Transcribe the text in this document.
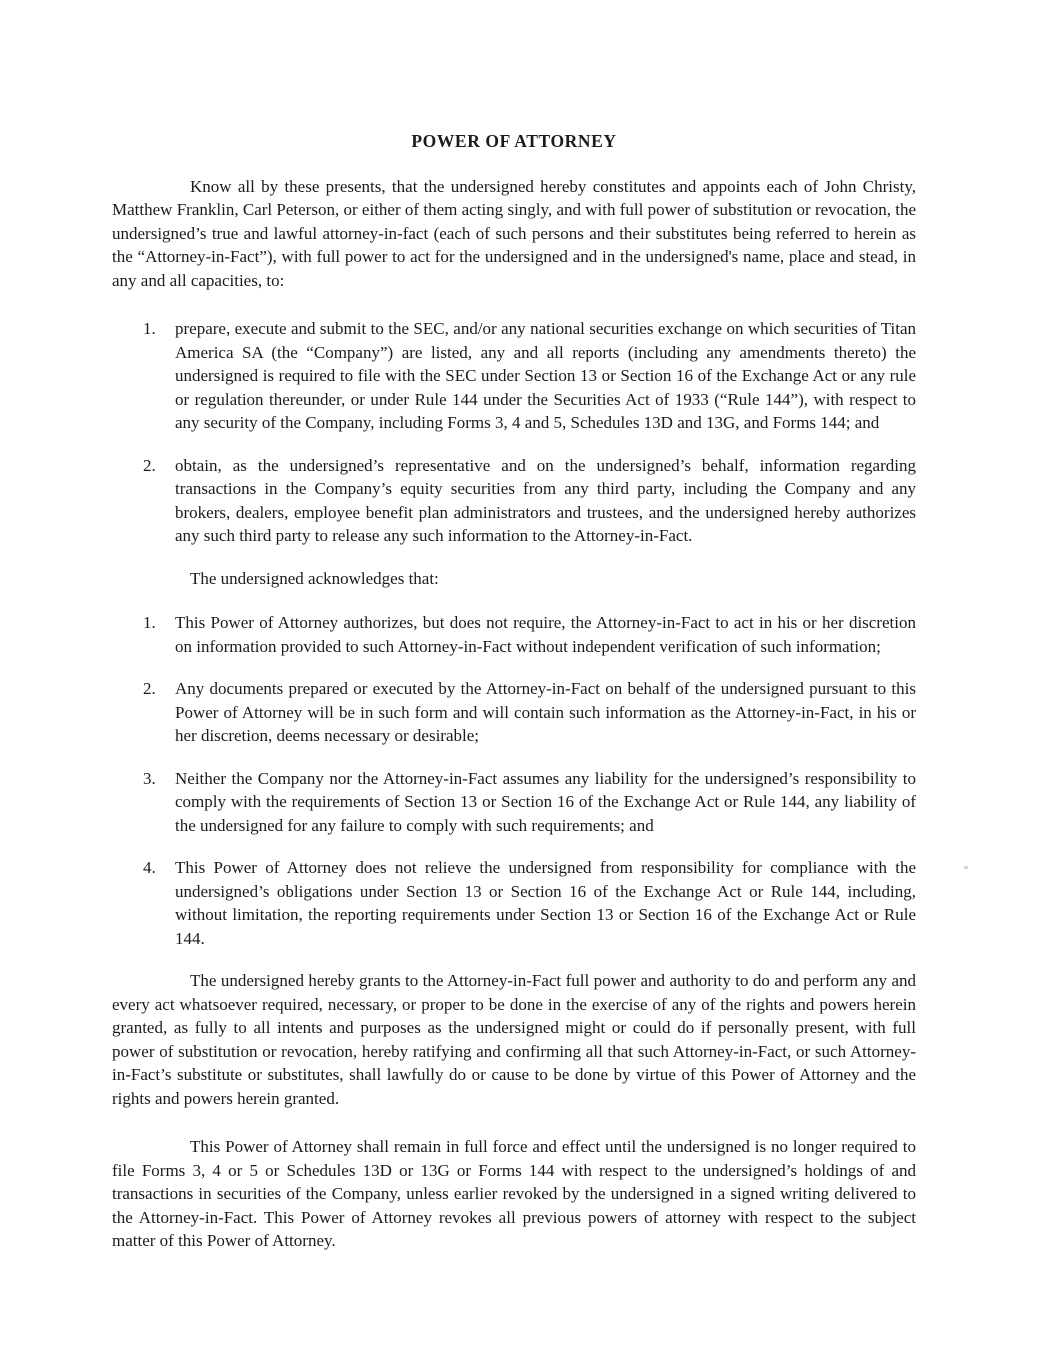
POWER OF ATTORNEY

Know all by these presents, that the undersigned hereby constitutes and appoints each of John Christy, Matthew Franklin, Carl Peterson, or either of them acting singly, and with full power of substitution or revocation, the undersigned’s true and lawful attorney-in-fact (each of such persons and their substitutes being referred to herein as the “Attorney-in-Fact”), with full power to act for the undersigned and in the undersigned's name, place and stead, in any and all capacities, to:

1.	prepare, execute and submit to the SEC, and/or any national securities exchange on which securities of Titan America SA (the “Company”) are listed, any and all reports (including any amendments thereto) the undersigned is required to file with the SEC under Section 13 or Section 16 of the Exchange Act or any rule or regulation thereunder, or under Rule 144 under the Securities Act of 1933 (“Rule 144”), with respect to any security of the Company, including Forms 3, 4 and 5, Schedules 13D and 13G, and Forms 144; and
2.	obtain, as the undersigned’s representative and on the undersigned’s behalf, information regarding transactions in the Company’s equity securities from any third party, including the Company and any brokers, dealers, employee benefit plan administrators and trustees, and the undersigned hereby authorizes any such third party to release any such information to the Attorney-in-Fact.

The undersigned acknowledges that:

1.	This Power of Attorney authorizes, but does not require, the Attorney-in-Fact to act in his or her discretion on information provided to such Attorney-in-Fact without independent verification of such information;
2.	Any documents prepared or executed by the Attorney-in-Fact on behalf of the undersigned pursuant to this Power of Attorney will be in such form and will contain such information as the Attorney-in-Fact, in his or her discretion, deems necessary or desirable;
3.	Neither the Company nor the Attorney-in-Fact assumes any liability for the undersigned’s responsibility to comply with the requirements of Section 13 or Section 16 of the Exchange Act or Rule 144, any liability of the undersigned for any failure to comply with such requirements; and
4.	This Power of Attorney does not relieve the undersigned from responsibility for compliance with the undersigned’s obligations under Section 13 or Section 16 of the Exchange Act or Rule 144, including, without limitation, the reporting requirements under Section 13 or Section 16 of the Exchange Act or Rule 144.

The undersigned hereby grants to the Attorney-in-Fact full power and authority to do and perform any and every act whatsoever required, necessary, or proper to be done in the exercise of any of the rights and powers herein granted, as fully to all intents and purposes as the undersigned might or could do if personally present, with full power of substitution or revocation, hereby ratifying and confirming all that such Attorney-in-Fact, or such Attorney-in-Fact’s substitute or substitutes, shall lawfully do or cause to be done by virtue of this Power of Attorney and the rights and powers herein granted.

This Power of Attorney shall remain in full force and effect until the undersigned is no longer required to file Forms 3, 4 or 5 or Schedules 13D or 13G or Forms 144 with respect to the undersigned’s holdings of and transactions in securities of the Company, unless earlier revoked by the undersigned in a signed writing delivered to the Attorney-in-Fact. This Power of Attorney revokes all previous powers of attorney with respect to the subject matter of this Power of Attorney.
